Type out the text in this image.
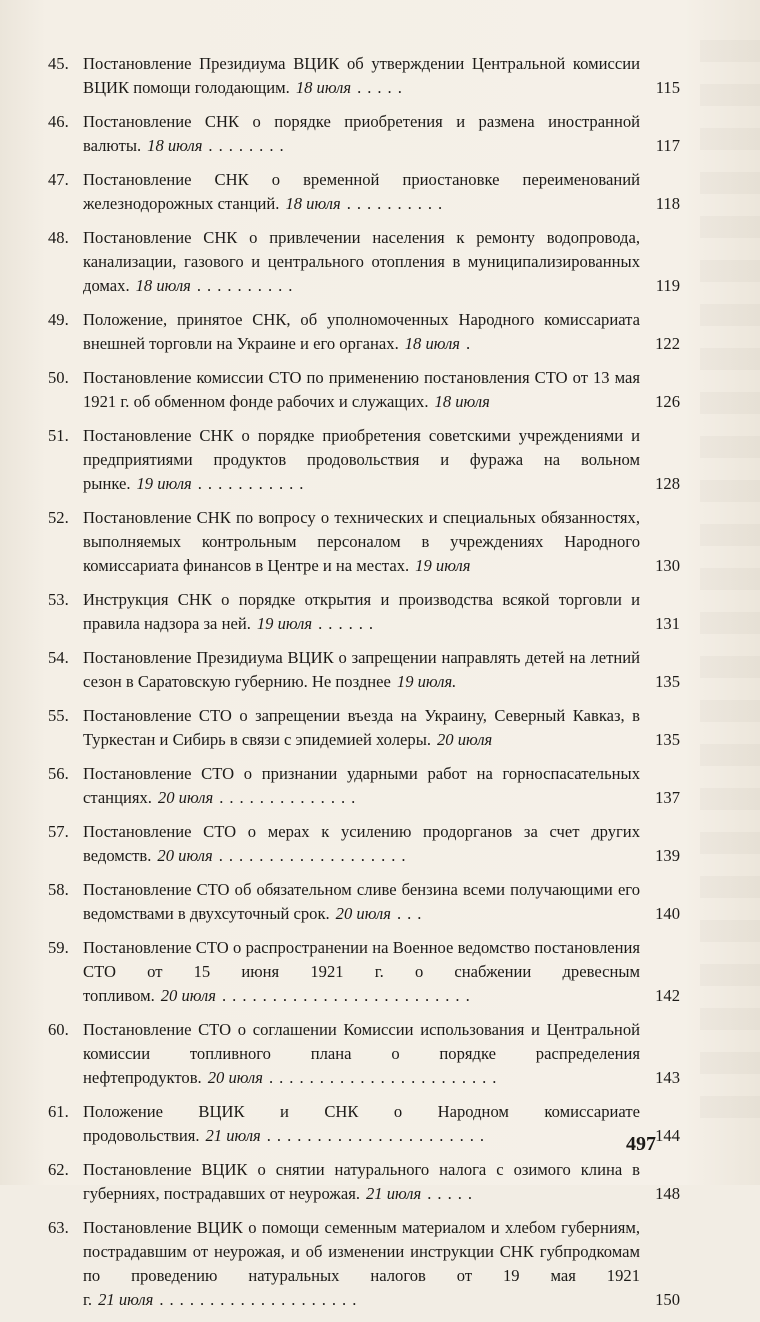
45. Постановление Президиума ВЦИК об утверждении Центральной комиссии ВЦИК помощи голодающим. 18 июля .....	115
46. Постановление СНК о порядке приобретения и размена иностранной валюты. 18 июля ........	117
47. Постановление СНК о временной приостановке переименований железнодорожных станций. 18 июля ..........	118
48. Постановление СНК о привлечении населения к ремонту водопровода, канализации, газового и центрального отопления в муниципализированных домах. 18 июля ..........	119
49. Положение, принятое СНК, об уполномоченных Народного комиссариата внешней торговли на Украине и его органах. 18 июля .	122
50. Постановление комиссии СТО по применению постановления СТО от 13 мая 1921 г. об обменном фонде рабочих и служащих. 18 июля	126
51. Постановление СНК о порядке приобретения советскими учреждениями и предприятиями продуктов продовольствия и фуража на вольном рынке. 19 июля ...........	128
52. Постановление СНК по вопросу о технических и специальных обязанностях, выполняемых контрольным персоналом в учреждениях Народного комиссариата финансов в Центре и на местах. 19 июля	130
53. Инструкция СНК о порядке открытия и производства всякой торговли и правила надзора за ней. 19 июля ......	131
54. Постановление Президиума ВЦИК о запрещении направлять детей на летний сезон в Саратовскую губернию. Не позднее 19 июля.	135
55. Постановление СТО о запрещении въезда на Украину, Северный Кавказ, в Туркестан и Сибирь в связи с эпидемией холеры. 20 июля	135
56. Постановление СТО о признании ударными работ на горноспасательных станциях. 20 июля ..............	137
57. Постановление СТО о мерах к усилению продорганов за счет других ведомств. 20 июля ...................	139
58. Постановление СТО об обязательном сливе бензина всеми получающими его ведомствами в двухсуточный срок. 20 июля ...	140
59. Постановление СТО о распространении на Военное ведомство постановления СТО от 15 июня 1921 г. о снабжении древесным топливом. 20 июля .........................	142
60. Постановление СТО о соглашении Комиссии использования и Центральной комиссии топливного плана о порядке распределения нефтепродуктов. 20 июля .......................	143
61. Положение ВЦИК и СНК о Народном комиссариате продовольствия. 21 июля ......................	144
62. Постановление ВЦИК о снятии натурального налога с озимого клина в губерниях, пострадавших от неурожая. 21 июля .....	148
63. Постановление ВЦИК о помощи семенным материалом и хлебом губерниям, пострадавшим от неурожая, и об изменении инструкции СНК губпродкомам по проведению натуральных налогов от 19 мая 1921 г. 21 июля ....................	150
497
